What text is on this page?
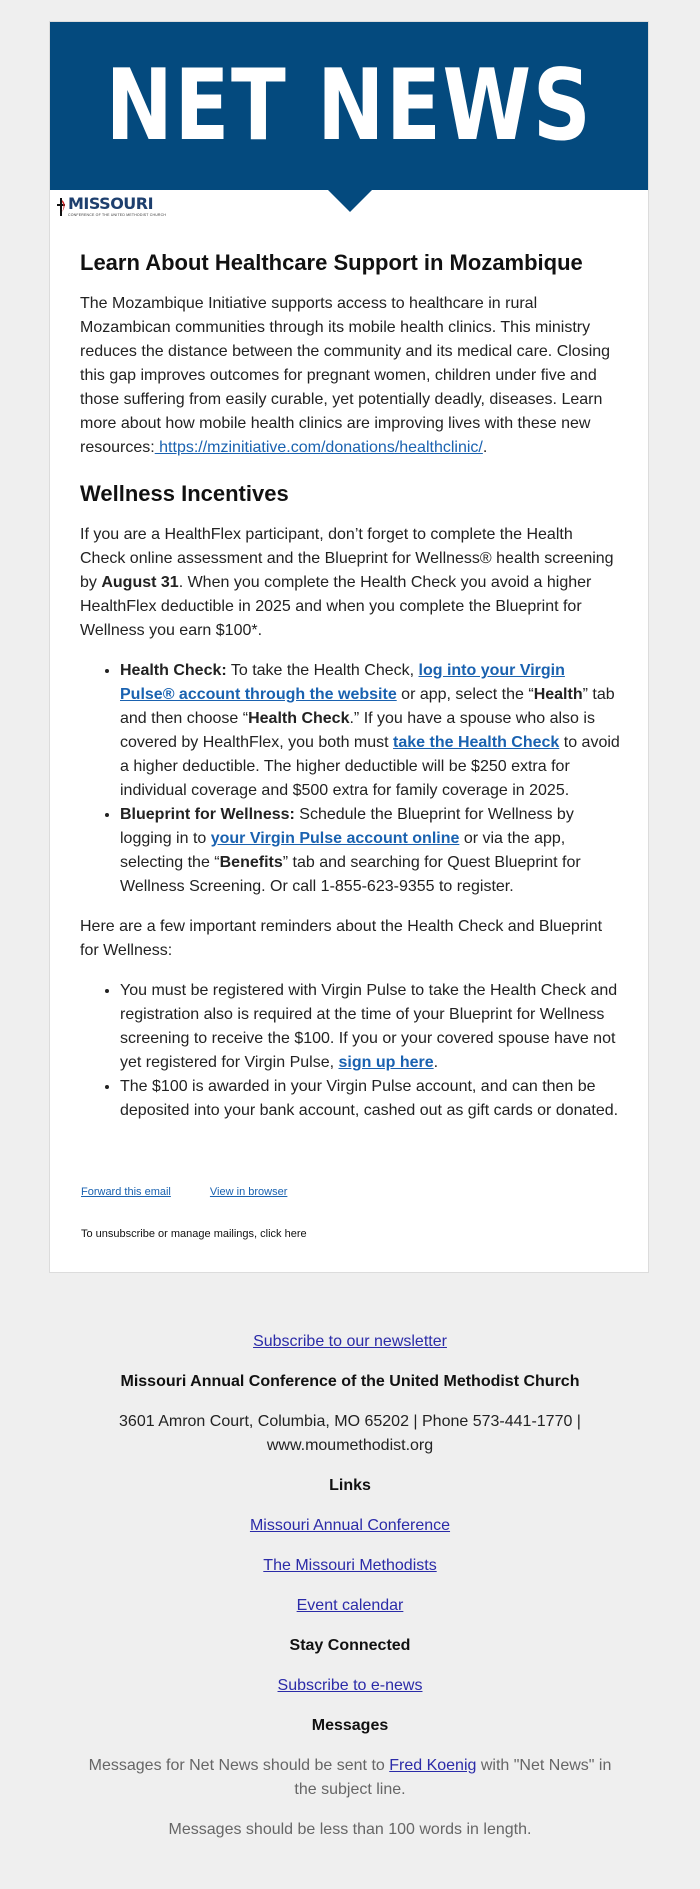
NET NEWS
MISSOURI
CONFERENCE OF THE UNITED METHODIST CHURCH
Learn About Healthcare Support in Mozambique

The Mozambique Initiative supports access to healthcare in rural Mozambican communities through its mobile health clinics. This ministry reduces the distance between the community and its medical care. Closing this gap improves outcomes for pregnant women, children under five and those suffering from easily curable, yet potentially deadly, diseases. Learn more about how mobile health clinics are improving lives with these new resources: https://mzinitiative.com/donations/healthclinic/.

Wellness Incentives

If you are a HealthFlex participant, don’t forget to complete the Health Check online assessment and the Blueprint for Wellness® health screening by August 31. When you complete the Health Check you avoid a higher HealthFlex deductible in 2025 and when you complete the Blueprint for Wellness you earn $100*.

• Health Check: To take the Health Check, log into your Virgin Pulse® account through the website or app, select the “Health” tab and then choose “Health Check.” If you have a spouse who also is covered by HealthFlex, you both must take the Health Check to avoid a higher deductible. The higher deductible will be $250 extra for individual coverage and $500 extra for family coverage in 2025.
• Blueprint for Wellness: Schedule the Blueprint for Wellness by logging in to your Virgin Pulse account online or via the app, selecting the “Benefits” tab and searching for Quest Blueprint for Wellness Screening. Or call 1-855-623-9355 to register.

Here are a few important reminders about the Health Check and Blueprint for Wellness:

• You must be registered with Virgin Pulse to take the Health Check and registration also is required at the time of your Blueprint for Wellness screening to receive the $100. If you or your covered spouse have not yet registered for Virgin Pulse, sign up here.
• The $100 is awarded in your Virgin Pulse account, and can then be deposited into your bank account, cashed out as gift cards or donated.
Forward this email	View in browser
To unsubscribe or manage mailings, click here
Subscribe to our newsletter
Missouri Annual Conference of the United Methodist Church
3601 Amron Court, Columbia, MO 65202 | Phone 573-441-1770 |
www.moumethodist.org
Links
Missouri Annual Conference
The Missouri Methodists
Event calendar
Stay Connected
Subscribe to e-news
Messages
Messages for Net News should be sent to Fred Koenig with "Net News" in the subject line.
Messages should be less than 100 words in length.
